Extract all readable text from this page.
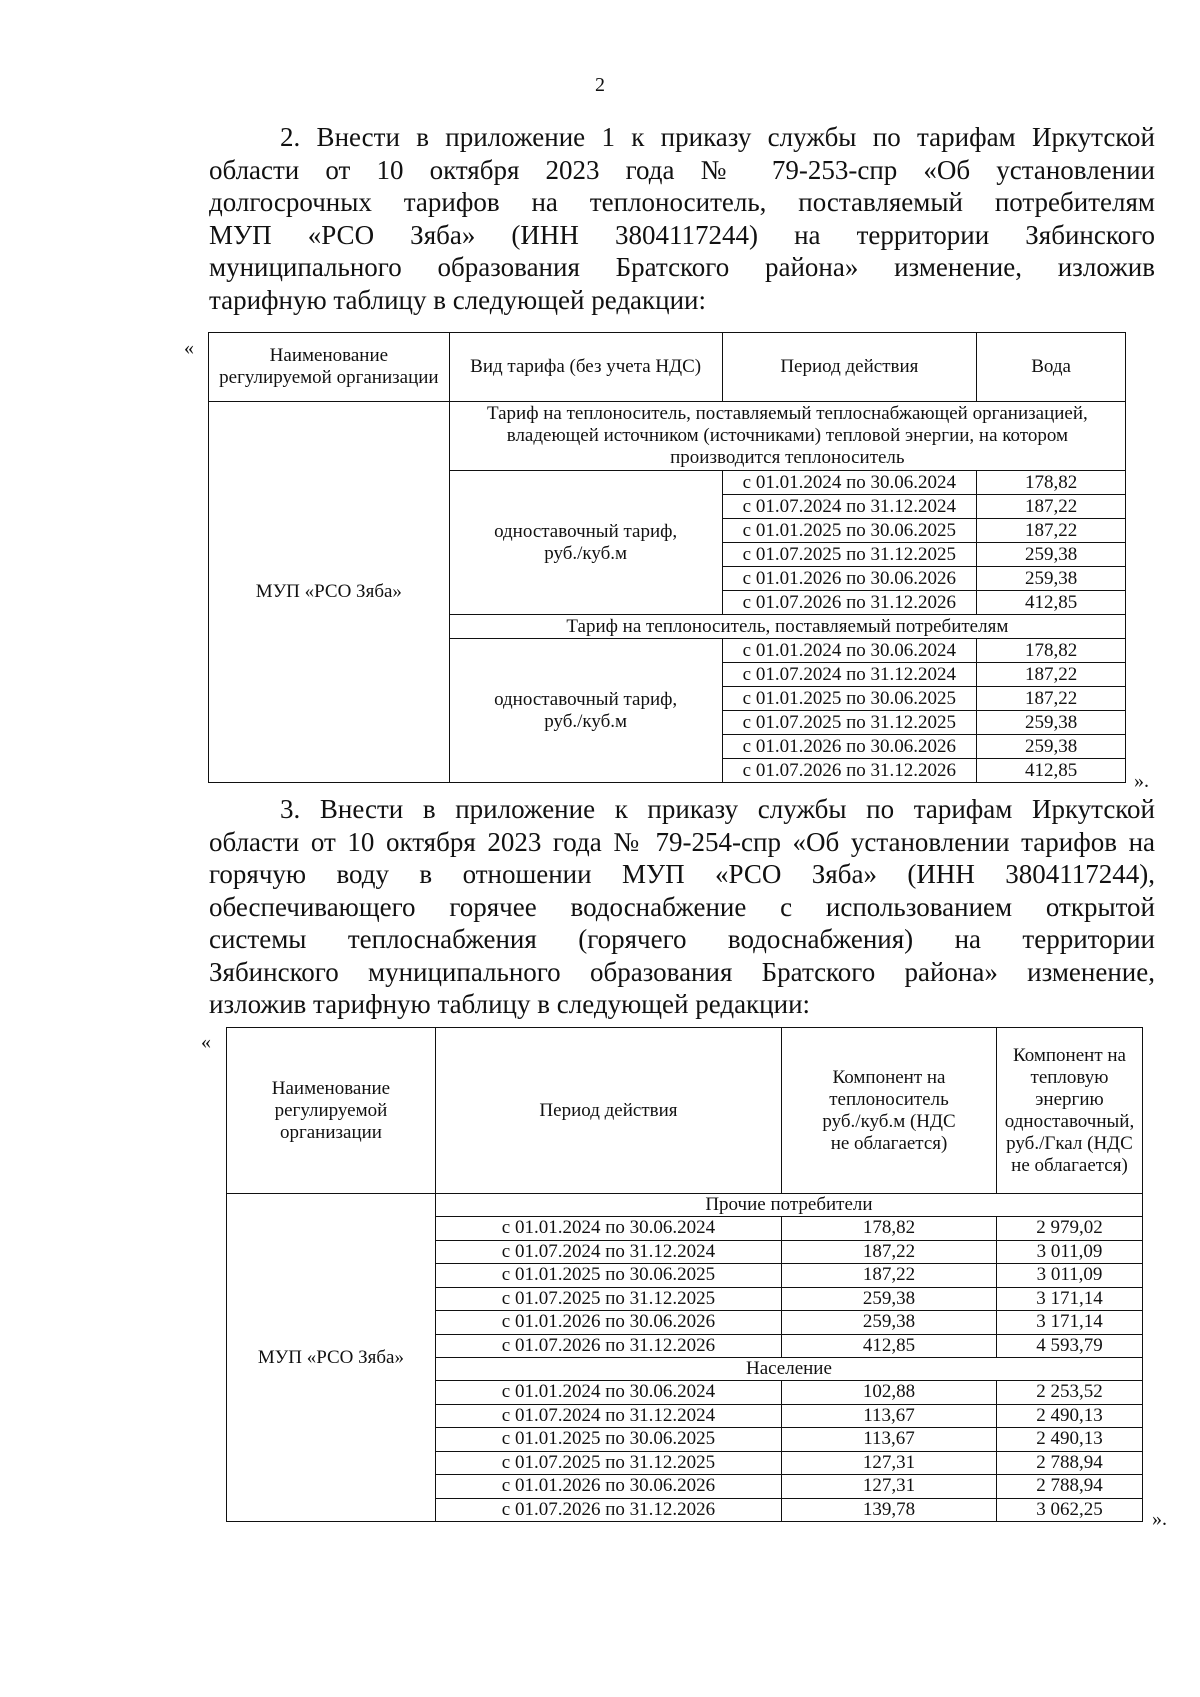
2
2. Внести в приложение 1 к приказу службы по тарифам Иркутской
области от 10 октября 2023 года № 79-253-спр «Об установлении
долгосрочных тарифов на теплоноситель, поставляемый потребителям
МУП «РСО Зяба» (ИНН 3804117244) на территории Зябинского
муниципального образования Братского района» изменение, изложив
тарифную таблицу в следующей редакции:
«	Наименование регулируемой организации	Вид тарифа (без учета НДС)	Период действия	Вода
МУП «РСО Зяба»	Тариф на теплоноситель, поставляемый теплоснабжающей организацией, владеющей источником (источниками) тепловой энергии, на котором производится теплоноситель		
	одноставочный тариф, руб./куб.м	с 01.01.2024 по 30.06.2024	178,82
		с 01.07.2024 по 31.12.2024	187,22
		с 01.01.2025 по 30.06.2025	187,22
		с 01.07.2025 по 31.12.2025	259,38
		с 01.01.2026 по 30.06.2026	259,38
		с 01.07.2026 по 31.12.2026	412,85
	Тариф на теплоноситель, поставляемый потребителям		
	одноставочный тариф, руб./куб.м	с 01.01.2024 по 30.06.2024	178,82
		с 01.07.2024 по 31.12.2024	187,22
		с 01.01.2025 по 30.06.2025	187,22
		с 01.07.2025 по 31.12.2025	259,38
		с 01.01.2026 по 30.06.2026	259,38
		с 01.07.2026 по 31.12.2026	412,85	».
3. Внести в приложение к приказу службы по тарифам Иркутской
области от 10 октября 2023 года № 79-254-спр «Об установлении тарифов на
горячую воду в отношении МУП «РСО Зяба» (ИНН 3804117244),
обеспечивающего горячее водоснабжение с использованием открытой
системы теплоснабжения (горячего водоснабжения) на территории
Зябинского муниципального образования Братского района» изменение,
изложив тарифную таблицу в следующей редакции:
«
Наименование регулируемой организации	Период действия	Компонент на теплоноситель руб./куб.м (НДС не облагается)	Компонент на тепловую энергию одноставочный, руб./Гкал (НДС не облагается)
МУП «РСО Зяба»	Прочие потребители		
	с 01.01.2024 по 30.06.2024	178,82	2 979,02
	с 01.07.2024 по 31.12.2024	187,22	3 011,09
	с 01.01.2025 по 30.06.2025	187,22	3 011,09
	с 01.07.2025 по 31.12.2025	259,38	3 171,14
	с 01.01.2026 по 30.06.2026	259,38	3 171,14
	с 01.07.2026 по 31.12.2026	412,85	4 593,79
	Население		
	с 01.01.2024 по 30.06.2024	102,88	2 253,52
	с 01.07.2024 по 31.12.2024	113,67	2 490,13
	с 01.01.2025 по 30.06.2025	113,67	2 490,13
	с 01.07.2025 по 31.12.2025	127,31	2 788,94
	с 01.01.2026 по 30.06.2026	127,31	2 788,94
	с 01.07.2026 по 31.12.2026	139,78	3 062,25 ».
